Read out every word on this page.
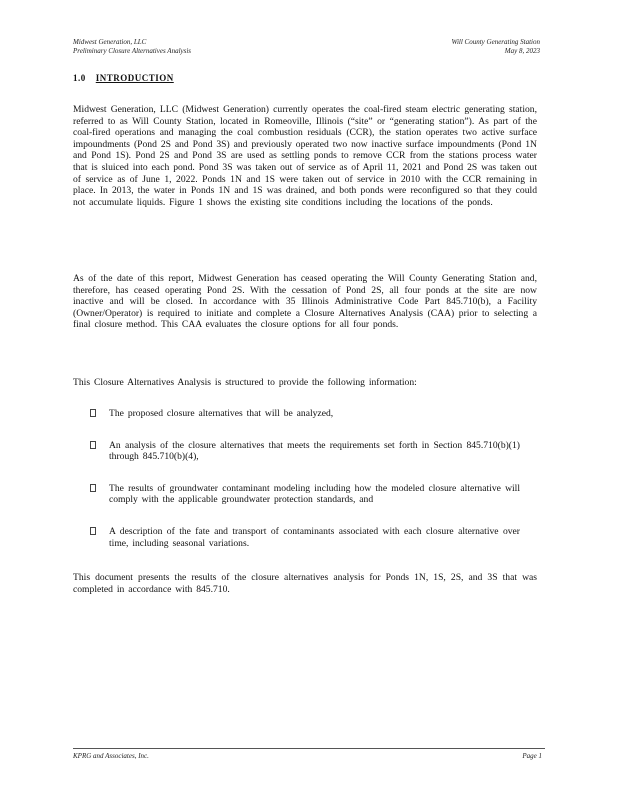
Midwest Generation, LLC
Preliminary Closure Alternatives Analysis
Will County Generating Station
May 8, 2023
1.0 INTRODUCTION

Midwest Generation, LLC (Midwest Generation) currently operates the coal-fired steam electric generating station, referred to as Will County Station, located in Romeoville, Illinois (“site” or “generating station”). As part of the coal-fired operations and managing the coal combustion residuals (CCR), the station operates two active surface impoundments (Pond 2S and Pond 3S) and previously operated two now inactive surface impoundments (Pond 1N and Pond 1S). Pond 2S and Pond 3S are used as settling ponds to remove CCR from the stations process water that is sluiced into each pond. Pond 3S was taken out of service as of April 11, 2021 and Pond 2S was taken out of service as of June 1, 2022. Ponds 1N and 1S were taken out of service in 2010 with the CCR remaining in place. In 2013, the water in Ponds 1N and 1S was drained, and both ponds were reconfigured so that they could not accumulate liquids. Figure 1 shows the existing site conditions including the locations of the ponds.

As of the date of this report, Midwest Generation has ceased operating the Will County Generating Station and, therefore, has ceased operating Pond 2S. With the cessation of Pond 2S, all four ponds at the site are now inactive and will be closed. In accordance with 35 Illinois Administrative Code Part 845.710(b), a Facility (Owner/Operator) is required to initiate and complete a Closure Alternatives Analysis (CAA) prior to selecting a final closure method. This CAA evaluates the closure options for all four ponds.

This Closure Alternatives Analysis is structured to provide the following information:

The proposed closure alternatives that will be analyzed,
An analysis of the closure alternatives that meets the requirements set forth in Section 845.710(b)(1) through 845.710(b)(4),
The results of groundwater contaminant modeling including how the modeled closure alternative will comply with the applicable groundwater protection standards, and
A description of the fate and transport of contaminants associated with each closure alternative over time, including seasonal variations.

This document presents the results of the closure alternatives analysis for Ponds 1N, 1S, 2S, and 3S that was completed in accordance with 845.710.

KPRG and Associates, Inc.	Page 1
